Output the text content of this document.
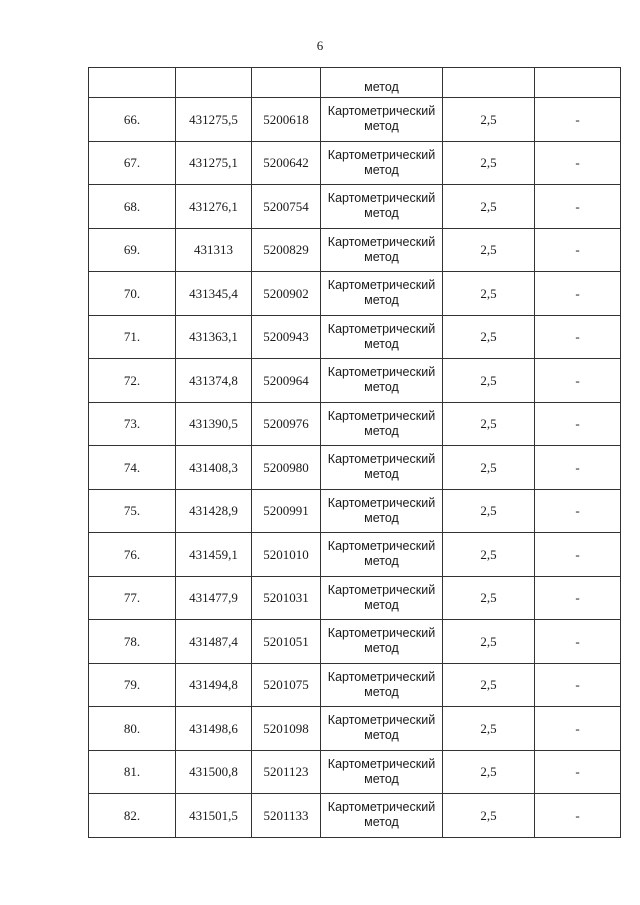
6
			метод		
66.	431275,5	5200618	Картометрический метод	2,5	-
67.	431275,1	5200642	Картометрический метод	2,5	-
68.	431276,1	5200754	Картометрический метод	2,5	-
69.	431313	5200829	Картометрический метод	2,5	-
70.	431345,4	5200902	Картометрический метод	2,5	-
71.	431363,1	5200943	Картометрический метод	2,5	-
72.	431374,8	5200964	Картометрический метод	2,5	-
73.	431390,5	5200976	Картометрический метод	2,5	-
74.	431408,3	5200980	Картометрический метод	2,5	-
75.	431428,9	5200991	Картометрический метод	2,5	-
76.	431459,1	5201010	Картометрический метод	2,5	-
77.	431477,9	5201031	Картометрический метод	2,5	-
78.	431487,4	5201051	Картометрический метод	2,5	-
79.	431494,8	5201075	Картометрический метод	2,5	-
80.	431498,6	5201098	Картометрический метод	2,5	-
81.	431500,8	5201123	Картометрический метод	2,5	-
82.	431501,5	5201133	Картометрический метод	2,5	-
